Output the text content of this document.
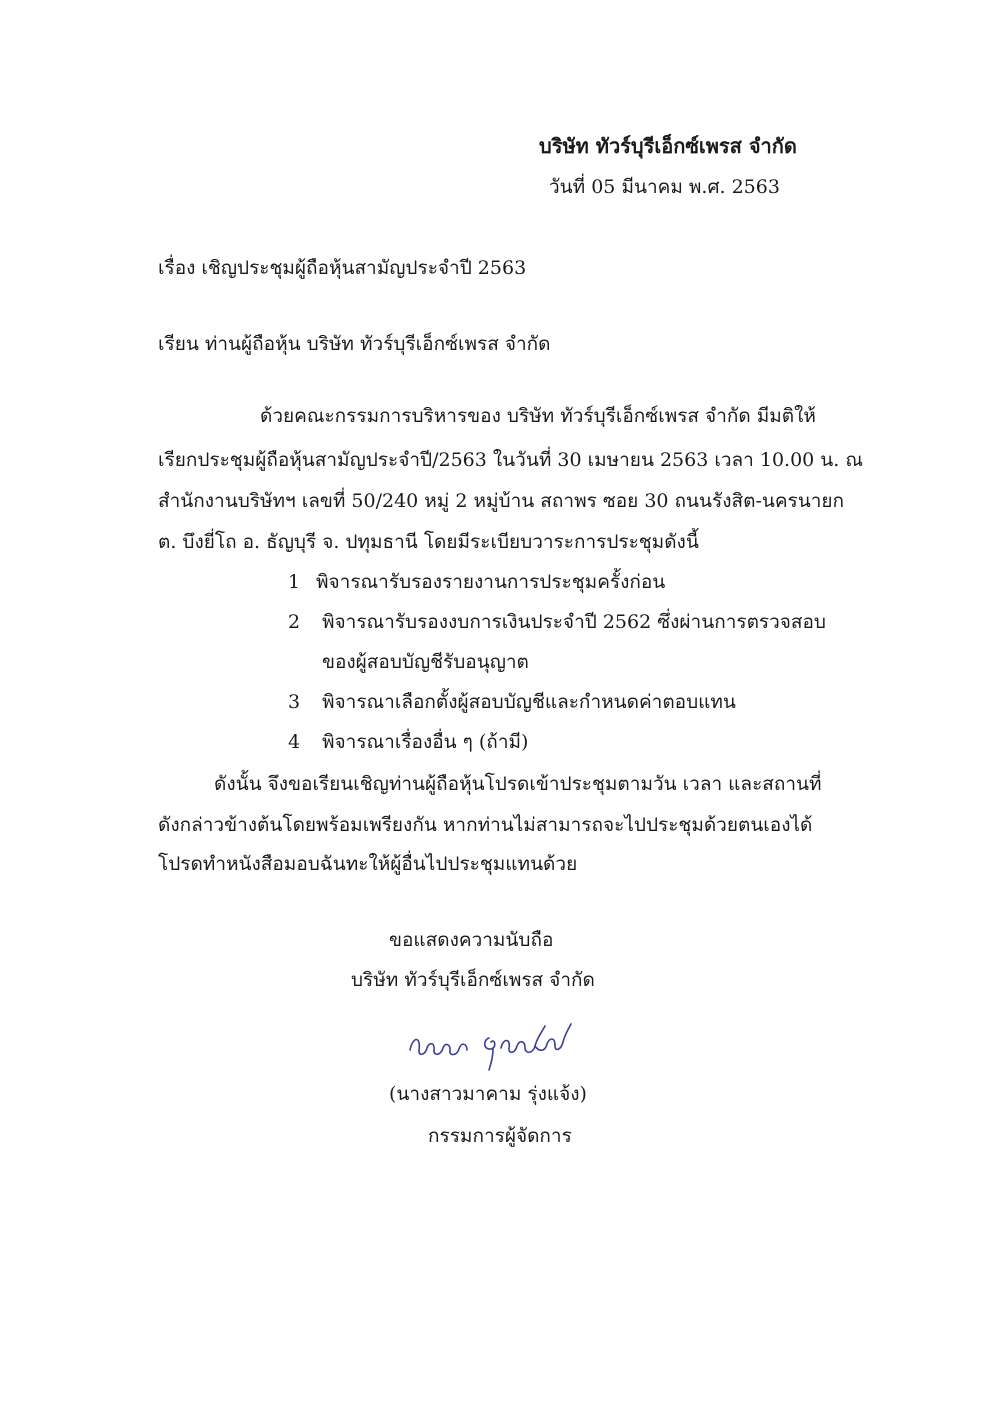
บริษัท ทัวร์บุรีเอ็กซ์เพรส จำกัด
วันที่ 05 มีนาคม พ.ศ. 2563
เรื่อง เชิญประชุมผู้ถือหุ้นสามัญประจำปี 2563
เรียน ท่านผู้ถือหุ้น บริษัท ทัวร์บุรีเอ็กซ์เพรส จำกัด
ด้วยคณะกรรมการบริหารของ บริษัท ทัวร์บุรีเอ็กซ์เพรส จำกัด มีมติให้
เรียกประชุมผู้ถือหุ้นสามัญประจำปี/2563 ในวันที่ 30 เมษายน 2563 เวลา 10.00 น. ณ
สำนักงานบริษัทฯ เลขที่ 50/240 หมู่ 2 หมู่บ้าน สถาพร ซอย 30 ถนนรังสิต-นครนายก
ต. บึงยี่โถ อ. ธัญบุรี จ. ปทุมธานี โดยมีระเบียบวาระการประชุมดังนี้
1 พิจารณารับรองรายงานการประชุมครั้งก่อน
2 พิจารณารับรองงบการเงินประจำปี 2562 ซึ่งผ่านการตรวจสอบ
ของผู้สอบบัญชีรับอนุญาต
3 พิจารณาเลือกตั้งผู้สอบบัญชีและกำหนดค่าตอบแทน
4 พิจารณาเรื่องอื่น ๆ (ถ้ามี)
ดังนั้น จึงขอเรียนเชิญท่านผู้ถือหุ้นโปรดเข้าประชุมตามวัน เวลา และสถานที่
ดังกล่าวข้างต้นโดยพร้อมเพรียงกัน หากท่านไม่สามารถจะไปประชุมด้วยตนเองได้
โปรดทำหนังสือมอบฉันทะให้ผู้อื่นไปประชุมแทนด้วย
ขอแสดงความนับถือ
บริษัท ทัวร์บุรีเอ็กซ์เพรส จำกัด
(นางสาวมาคาม รุ่งแจ้ง)
กรรมการผู้จัดการ
